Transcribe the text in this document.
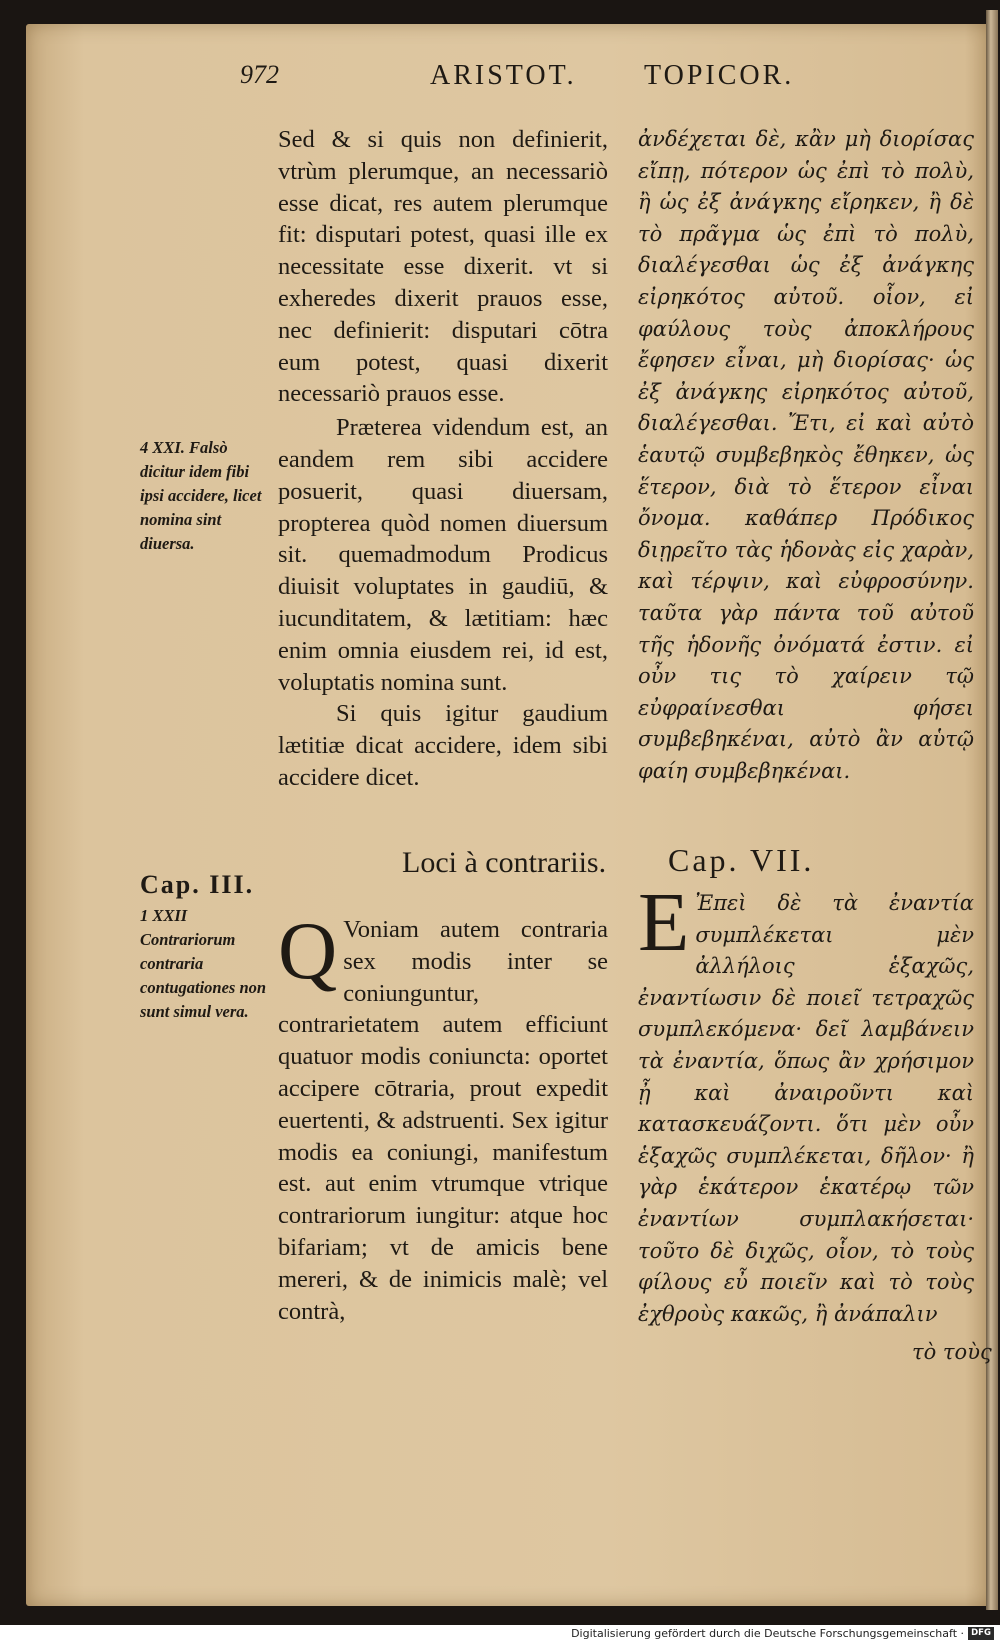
972	ARISTOT. TOPICOR.

Sed & si quis non definierit, vtrùm plerumque, an necessariò esse dicat, res autem plerumque fit: disputari potest, quasi ille ex necessitate esse dixerit. vt si exheredes dixerit prauos esse, nec definierit: disputari cōtra eum potest, quasi dixerit necessariò prauos esse.

Præterea videndum est, an eandem rem sibi accidere posuerit, quasi diuersam, propterea quòd nomen diuersum sit. quemadmodum Prodicus diuisit voluptates in gaudiū, & iucunditatem, & lætitiam: hæc enim omnia eiusdem rei, id est, voluptatis nomina sunt.

Si quis igitur gaudium lætitiæ dicat accidere, idem sibi accidere dicet.

ἀνδέχεται δὲ, κἂν μὴ διορίσας εἴπῃ, πότερον ὡς ἐπὶ τὸ πολὺ, ἢ ὡς ἐξ ἀνάγκης εἴρηκεν, ἢ δὲ τὸ πρᾶγμα ὡς ἐπὶ τὸ πολὺ, διαλέγεσθαι ὡς ἐξ ἀνάγκης εἰρηκότος αὐτοῦ. οἷον, εἰ φαύλους τοὺς ἀποκλήρους ἔφησεν εἶναι, μὴ διορίσας· ὡς ἐξ ἀνάγκης εἰρηκότος αὐτοῦ, διαλέγεσθαι. Ἔτι, εἰ καὶ αὐτὸ ἑαυτῷ συμβεβηκὸς ἔθηκεν, ὡς ἕτερον, διὰ τὸ ἕτερον εἶναι ὄνομα. καθάπερ Πρόδικος διῃρεῖτο τὰς ἡδονὰς εἰς χαρὰν, καὶ τέρψιν, καὶ εὐφροσύνην. ταῦτα γὰρ πάντα τοῦ αὐτοῦ τῆς ἡδονῆς ὀνόματά ἐστιν. εἰ οὖν τις τὸ χαίρειν τῷ εὐφραίνεσθαι φήσει συμβεβηκέναι, αὐτὸ ἂν αὑτῷ φαίη συμβεβηκέναι.

4 XXI. Falsò dicitur idem fibi ipsi accidere, licet nomina sint diuersa.
Cap. III.
1 XXII Contrariorum contraria contugationes non sunt simul vera.
Loci à contrariis. Cap. VII.
Q Voniam autem contraria sex modis inter se coniunguntur, contrarietatem autem efficiunt quatuor modis coniuncta: oportet accipere cōtraria, prout expedit euertenti, & adstruenti. Sex igitur modis ea coniungi, manifestum est. aut enim vtrumque vtrique contrariorum iungitur: atque hoc bifariam; vt de amicis bene mereri, & de inimicis malè; vel contrà,

E Ἐπεὶ δὲ τὰ ἐναντία συμπλέκεται μὲν ἀλλήλοις ἑξαχῶς, ἐναντίωσιν δὲ ποιεῖ τετραχῶς συμπλεκόμενα· δεῖ λαμβάνειν τὰ ἐναντία, ὅπως ἂν χρήσιμον ᾖ καὶ ἀναιροῦντι καὶ κατασκευάζοντι. ὅτι μὲν οὖν ἑξαχῶς συμπλέκεται, δῆλον· ἢ γὰρ ἑκάτερον ἑκατέρῳ τῶν ἐναντίων συμπλακήσεται· τοῦτο δὲ διχῶς, οἷον, τὸ τοὺς φίλους εὖ ποιεῖν καὶ τὸ τοὺς ἐχθροὺς κακῶς, ἢ ἀνάπαλιν

τὸ τοὺς
Digitalisierung gefördert durch die Deutsche Forschungsgemeinschaft · DFG
